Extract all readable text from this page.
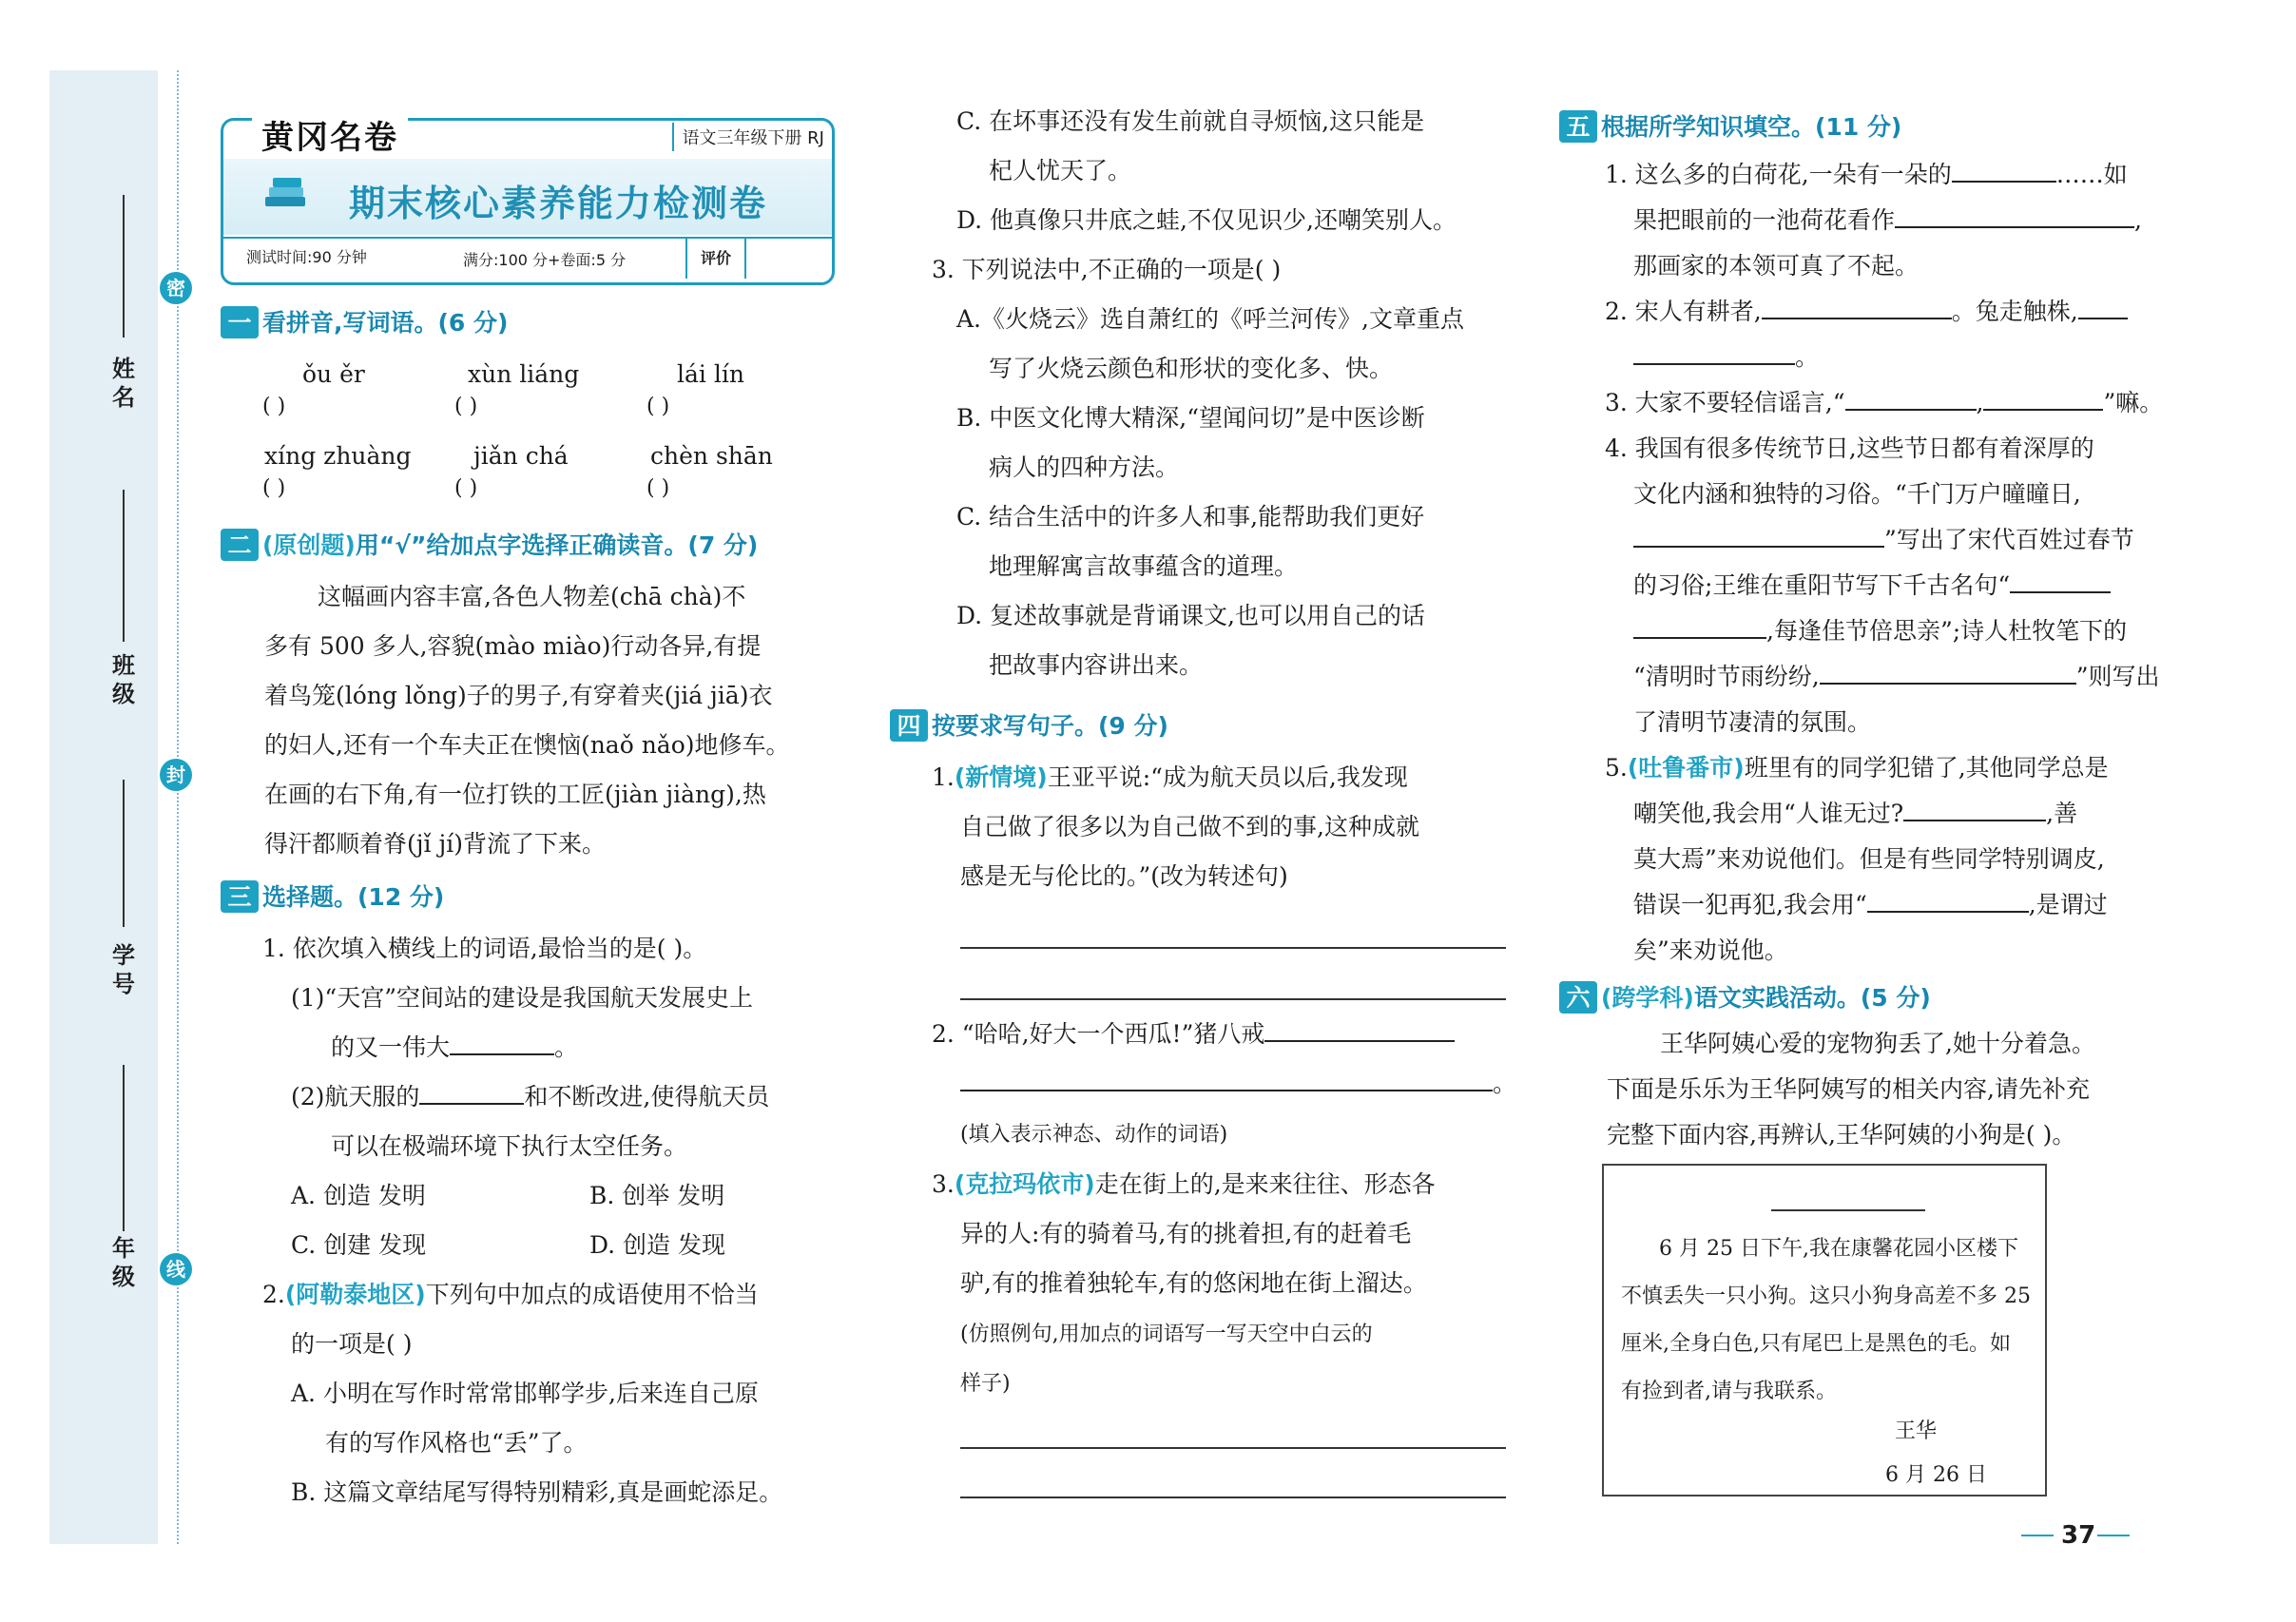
姓名
班级
学号
年级
密
封
线
黄冈名卷	语文三年级下册 RJ
期末核心素养能力检测卷
测试时间:90 分钟	满分:100 分+卷面:5 分	评价
一 看拼音,写词语。(6 分)
ǒu ěr	xùn liáng	lái lín
( )	( )	( )
xíng zhuàng	jiǎn chá	chèn shān
( )	( )	( )
二 (原创题)用“√”给加点字选择正确读音。(7 分)
这幅画内容丰富,各色人物差(chā chà)不
多有 500 多人,容貌(mào miào)行动各异,有提
着鸟笼(lóng lǒng)子的男子,有穿着夹(jiá jiā)衣
的妇人,还有一个车夫正在懊恼(naǒ nǎo)地修车。
在画的右下角,有一位打铁的工匠(jiàn jiàng),热
得汗都顺着脊(jǐ jí)背流了下来。
三 选择题。(12 分)
1. 依次填入横线上的词语,最恰当的是( )。
(1)“天宫”空间站的建设是我国航天发展史上
的又一伟大	。
(2)航天服的	和不断改进,使得航天员
可以在极端环境下执行太空任务。
A. 创造 发明	B. 创举 发明
C. 创建 发现	D. 创造 发现
2.(阿勒泰地区)下列句中加点的成语使用不恰当
的一项是( )
A. 小明在写作时常常邯郸学步,后来连自己原
有的写作风格也“丢”了。
B. 这篇文章结尾写得特别精彩,真是画蛇添足。
C. 在坏事还没有发生前就自寻烦恼,这只能是
杞人忧天了。
D. 他真像只井底之蛙,不仅见识少,还嘲笑别人。
3. 下列说法中,不正确的一项是( )
A.《火烧云》选自萧红的《呼兰河传》,文章重点
写了火烧云颜色和形状的变化多、快。
B. 中医文化博大精深,“望闻问切”是中医诊断
病人的四种方法。
C. 结合生活中的许多人和事,能帮助我们更好
地理解寓言故事蕴含的道理。
D. 复述故事就是背诵课文,也可以用自己的话
把故事内容讲出来。
四 按要求写句子。(9 分)
1.(新情境)王亚平说:“成为航天员以后,我发现
自己做了很多以为自己做不到的事,这种成就
感是无与伦比的。”(改为转述句)
2. “哈哈,好大一个西瓜!”猪八戒
。
(填入表示神态、动作的词语)
3.(克拉玛依市)走在街上的,是来来往往、形态各
异的人:有的骑着马,有的挑着担,有的赶着毛
驴,有的推着独轮车,有的悠闲地在街上溜达。
(仿照例句,用加点的词语写一写天空中白云的
样子)
五 根据所学知识填空。(11 分)
1. 这么多的白荷花,一朵有一朵的	……如
果把眼前的一池荷花看作	,
那画家的本领可真了不起。
2. 宋人有耕者,	。兔走触株,
。
3. 大家不要轻信谣言,“	,	”嘛。
4. 我国有很多传统节日,这些节日都有着深厚的
文化内涵和独特的习俗。“千门万户曈曈日,
”写出了宋代百姓过春节
的习俗;王维在重阳节写下千古名句“
,每逢佳节倍思亲”;诗人杜牧笔下的
“清明时节雨纷纷,	”则写出
了清明节凄清的氛围。
5.(吐鲁番市)班里有的同学犯错了,其他同学总是
嘲笑他,我会用“人谁无过?	,善
莫大焉”来劝说他们。但是有些同学特别调皮,
错误一犯再犯,我会用“	,是谓过
矣”来劝说他。
六 (跨学科)语文实践活动。(5 分)
王华阿姨心爱的宠物狗丢了,她十分着急。
下面是乐乐为王华阿姨写的相关内容,请先补充
完整下面内容,再辨认,王华阿姨的小狗是( )。
6 月 25 日下午,我在康馨花园小区楼下
不慎丢失一只小狗。这只小狗身高差不多 25
厘米,全身白色,只有尾巴上是黑色的毛。如
有捡到者,请与我联系。
王华
6 月 26 日
37
